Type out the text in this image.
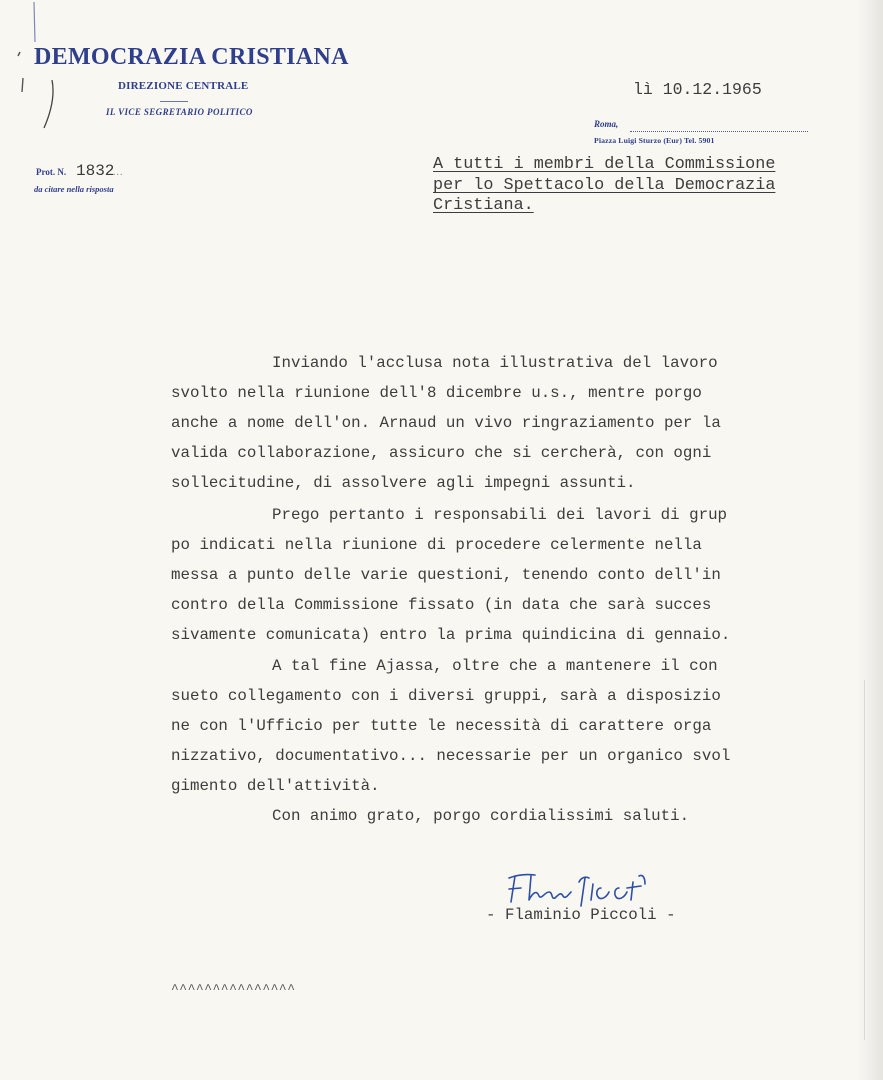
DEMOCRAZIA CRISTIANA
DIREZIONE CENTRALE
IL VICE SEGRETARIO POLITICO
Prot. N. 1832
...
da citare nella risposta
lì 10.12.1965
Roma,
Piazza Luigi Sturzo (Eur) Tel. 5901
A tutti i membri della Commissione
per lo Spettacolo della Democrazia
Cristiana.
Inviando l'acclusa nota illustrativa del lavoro
svolto nella riunione dell'8 dicembre u.s., mentre porgo
anche a nome dell'on. Arnaud un vivo ringraziamento per la
valida collaborazione, assicuro che si cercherà, con ogni
sollecitudine, di assolvere agli impegni assunti.
Prego pertanto i responsabili dei lavori di grup
po indicati nella riunione di procedere celermente nella
messa a punto delle varie questioni, tenendo conto dell'in
contro della Commissione fissato (in data che sarà succes
sivamente comunicata) entro la prima quindicina di gennaio.
A tal fine Ajassa, oltre che a mantenere il con
sueto collegamento con i diversi gruppi, sarà a disposizio
ne con l'Ufficio per tutte le necessità di carattere orga
nizzativo, documentativo... necessarie per un organico svol
gimento dell'attività.
Con animo grato, porgo cordialissimi saluti.
- Flaminio Piccoli -
^^^^^^^^^^^^^^^
